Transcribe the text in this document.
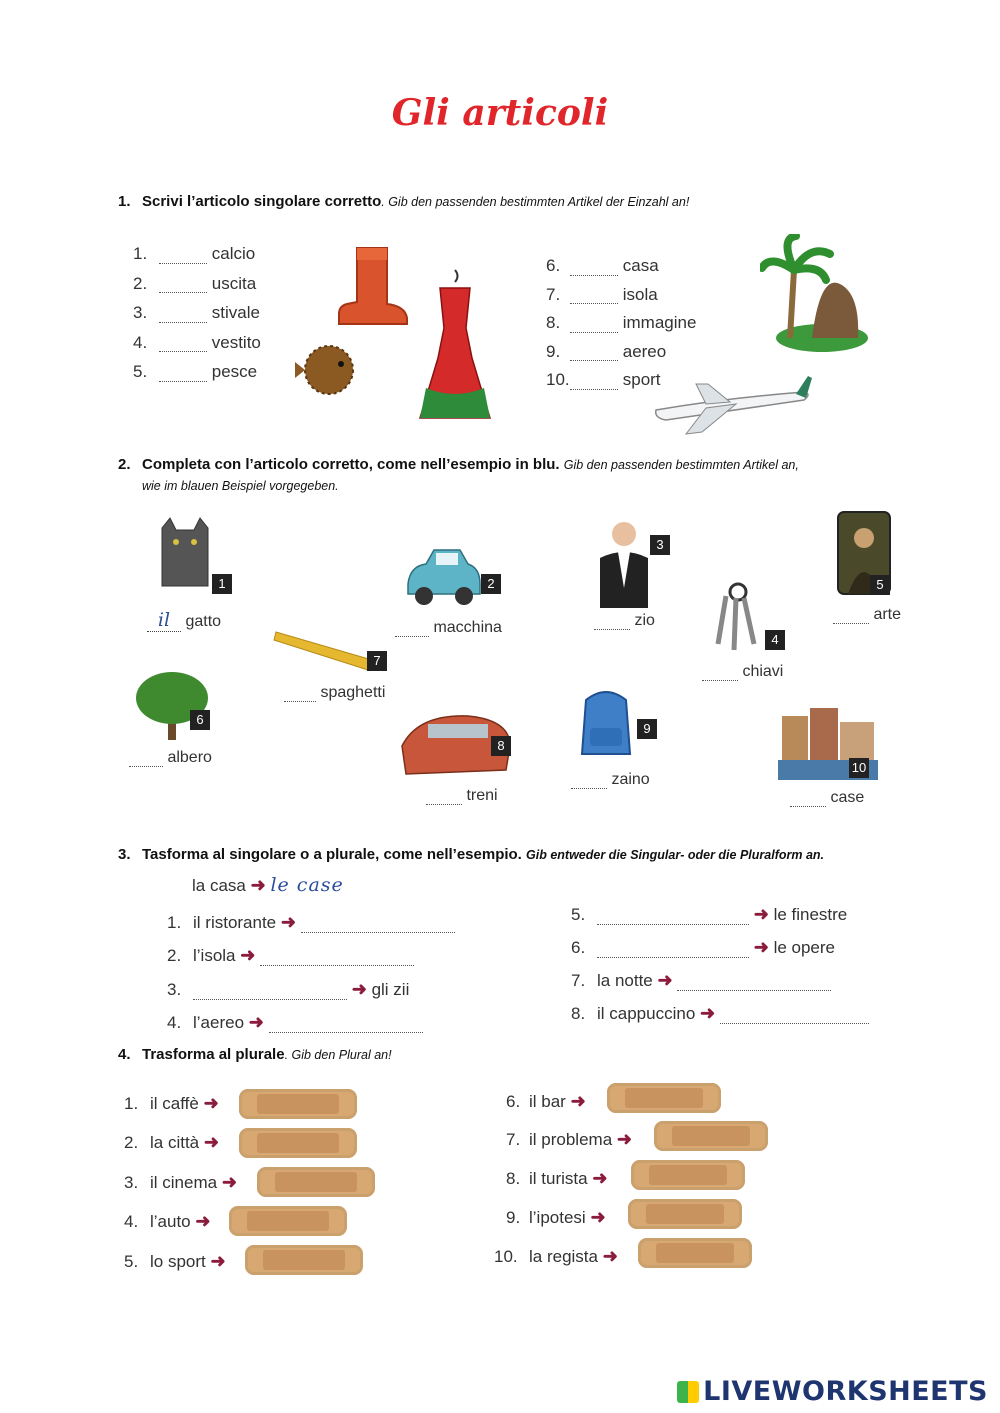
Gli articoli
1. Scrivi l’articolo singolare corretto. Gib den passenden bestimmten Artikel der Einzahl an!
1.	calcio
2.	uscita
3.	stivale
4.	vestito
5.	pesce
6.	casa
7.	isola
8.	immagine
9.	aereo
10.	sport
2. Completa con l’articolo corretto, come nell’esempio in blu. Gib den passenden bestimmten Artikel an,
wie im blauen Beispiel vorgegeben.
1
il gatto
2
macchina
3
zio
4
chiavi
5
arte
7
spaghetti
6
albero
8
treni
9
zaino
10
case
3. Tasforma al singolare o a plurale, come nell’esempio. Gib entweder die Singular- oder die Pluralform an.
la casa ➜ le case
1. il ristorante ➜
2. l’isola ➜
3.	➜ gli zii
4. l’aereo ➜
5.	➜ le finestre
6.	➜ le opere
7. la notte ➜
8. il cappuccino ➜
4. Trasforma al plurale. Gib den Plural an!
1. il caffè ➜
2. la città ➜
3. il cinema ➜
4. l’auto ➜
5. lo sport ➜
6. il bar ➜
7. il problema ➜
8. il turista ➜
9. l’ipotesi ➜
10. la regista ➜
LIVEWORKSHEETS
